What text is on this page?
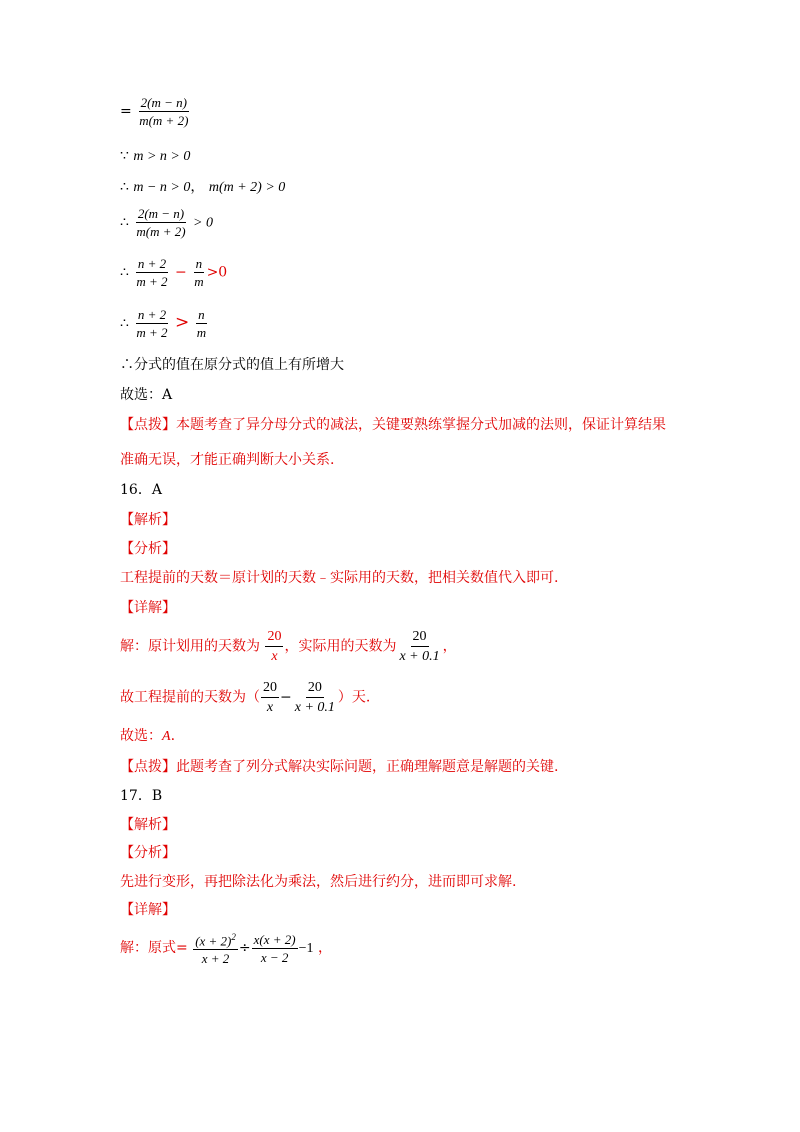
= $\frac{2(m - n)}{m(m + 2)}$
∵ m > n > 0
∴ m − n > 0， m(m + 2) > 0
∴ $\frac{2(m - n)}{m(m + 2)} > 0$
∴ $\frac{n + 2}{m + 2} - \frac{n}{m} >0$
∴ $\frac{n + 2}{m + 2} > \frac{n}{m}$
∴分式的值在原分式的值上有所增大
故选：A
【点拨】本题考查了异分母分式的减法，关键要熟练掌握分式加减的法则，保证计算结果
准确无误，才能正确判断大小关系.
16．A
【解析】
【分析】
工程提前的天数＝原计划的天数﹣实际用的天数，把相关数值代入即可.
【详解】
解：原计划用的天数为 $\frac{20}{x}$ ，实际用的天数为 $\frac{20}{x + 0.1}$ ，
故工程提前的天数为（ $\frac{20}{x} - \frac{20}{x + 0.1}$ ）天.
故选：A.
【点拨】此题考查了列分式解决实际问题，正确理解题意是解题的关键.
17．B
【解析】
【分析】
先进行变形，再把除法化为乘法，然后进行约分，进而即可求解.
【详解】
解：原式= $\frac{(x + 2)^2}{x + 2} \div \frac{x(x + 2)}{x - 2} -1$ ，
